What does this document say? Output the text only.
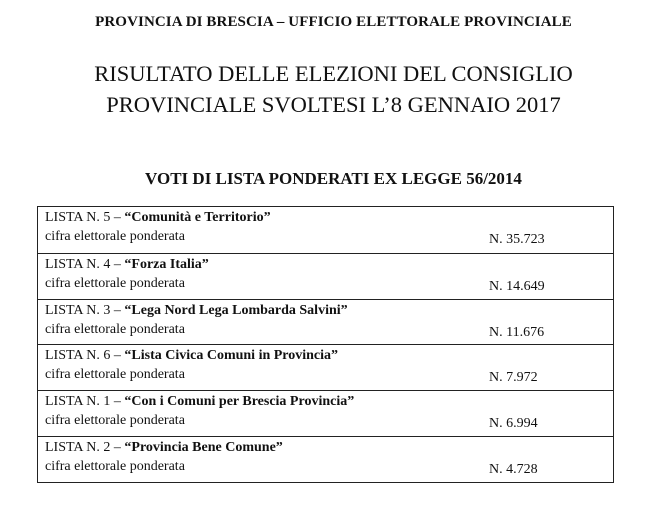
PROVINCIA DI BRESCIA – UFFICIO ELETTORALE PROVINCIALE
RISULTATO DELLE ELEZIONI DEL CONSIGLIO
PROVINCIALE SVOLTESI L’8 GENNAIO 2017
VOTI DI LISTA PONDERATI EX LEGGE 56/2014
LISTA N. 5 – “Comunità e Territorio”
cifra elettorale ponderata	N. 35.723
LISTA N. 4 – “Forza Italia”
cifra elettorale ponderata	N. 14.649
LISTA N. 3 – “Lega Nord Lega Lombarda Salvini”
cifra elettorale ponderata	N. 11.676
LISTA N. 6 – “Lista Civica Comuni in Provincia”
cifra elettorale ponderata	N. 7.972
LISTA N. 1 – “Con i Comuni per Brescia Provincia”
cifra elettorale ponderata	N. 6.994
LISTA N. 2 – “Provincia Bene Comune”
cifra elettorale ponderata	N. 4.728
